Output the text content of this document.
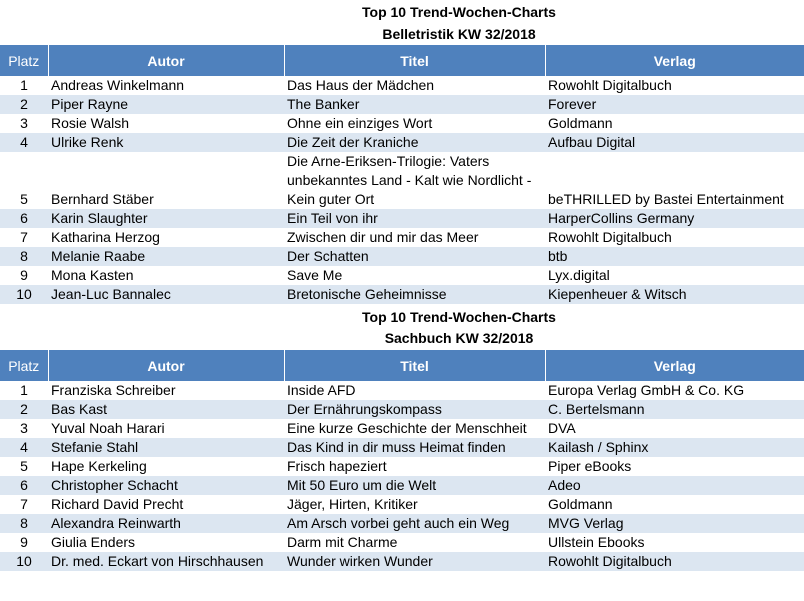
Top 10 Trend-Wochen-Charts
Belletristik KW 32/2018
Platz	Autor	Titel	Verlag
1	Andreas Winkelmann	Das Haus der Mädchen	Rowohlt Digitalbuch
2	Piper Rayne	The Banker	Forever
3	Rosie Walsh	Ohne ein einziges Wort	Goldmann
4	Ulrike Renk	Die Zeit der Kraniche	Aufbau Digital
5	Bernhard Stäber	Die Arne-Eriksen-Trilogie: Vaters unbekanntes Land - Kalt wie Nordlicht - Kein guter Ort	beTHRILLED by Bastei Entertainment
6	Karin Slaughter	Ein Teil von ihr	HarperCollins Germany
7	Katharina Herzog	Zwischen dir und mir das Meer	Rowohlt Digitalbuch
8	Melanie Raabe	Der Schatten	btb
9	Mona Kasten	Save Me	Lyx.digital
10	Jean-Luc Bannalec	Bretonische Geheimnisse	Kiepenheuer & Witsch
Top 10 Trend-Wochen-Charts
Sachbuch KW 32/2018
Platz	Autor	Titel	Verlag
1	Franziska Schreiber	Inside AFD	Europa Verlag GmbH & Co. KG
2	Bas Kast	Der Ernährungskompass	C. Bertelsmann
3	Yuval Noah Harari	Eine kurze Geschichte der Menschheit	DVA
4	Stefanie Stahl	Das Kind in dir muss Heimat finden	Kailash / Sphinx
5	Hape Kerkeling	Frisch hapeziert	Piper eBooks
6	Christopher Schacht	Mit 50 Euro um die Welt	Adeo
7	Richard David Precht	Jäger, Hirten, Kritiker	Goldmann
8	Alexandra Reinwarth	Am Arsch vorbei geht auch ein Weg	MVG Verlag
9	Giulia Enders	Darm mit Charme	Ullstein Ebooks
10	Dr. med. Eckart von Hirschhausen	Wunder wirken Wunder	Rowohlt Digitalbuch
